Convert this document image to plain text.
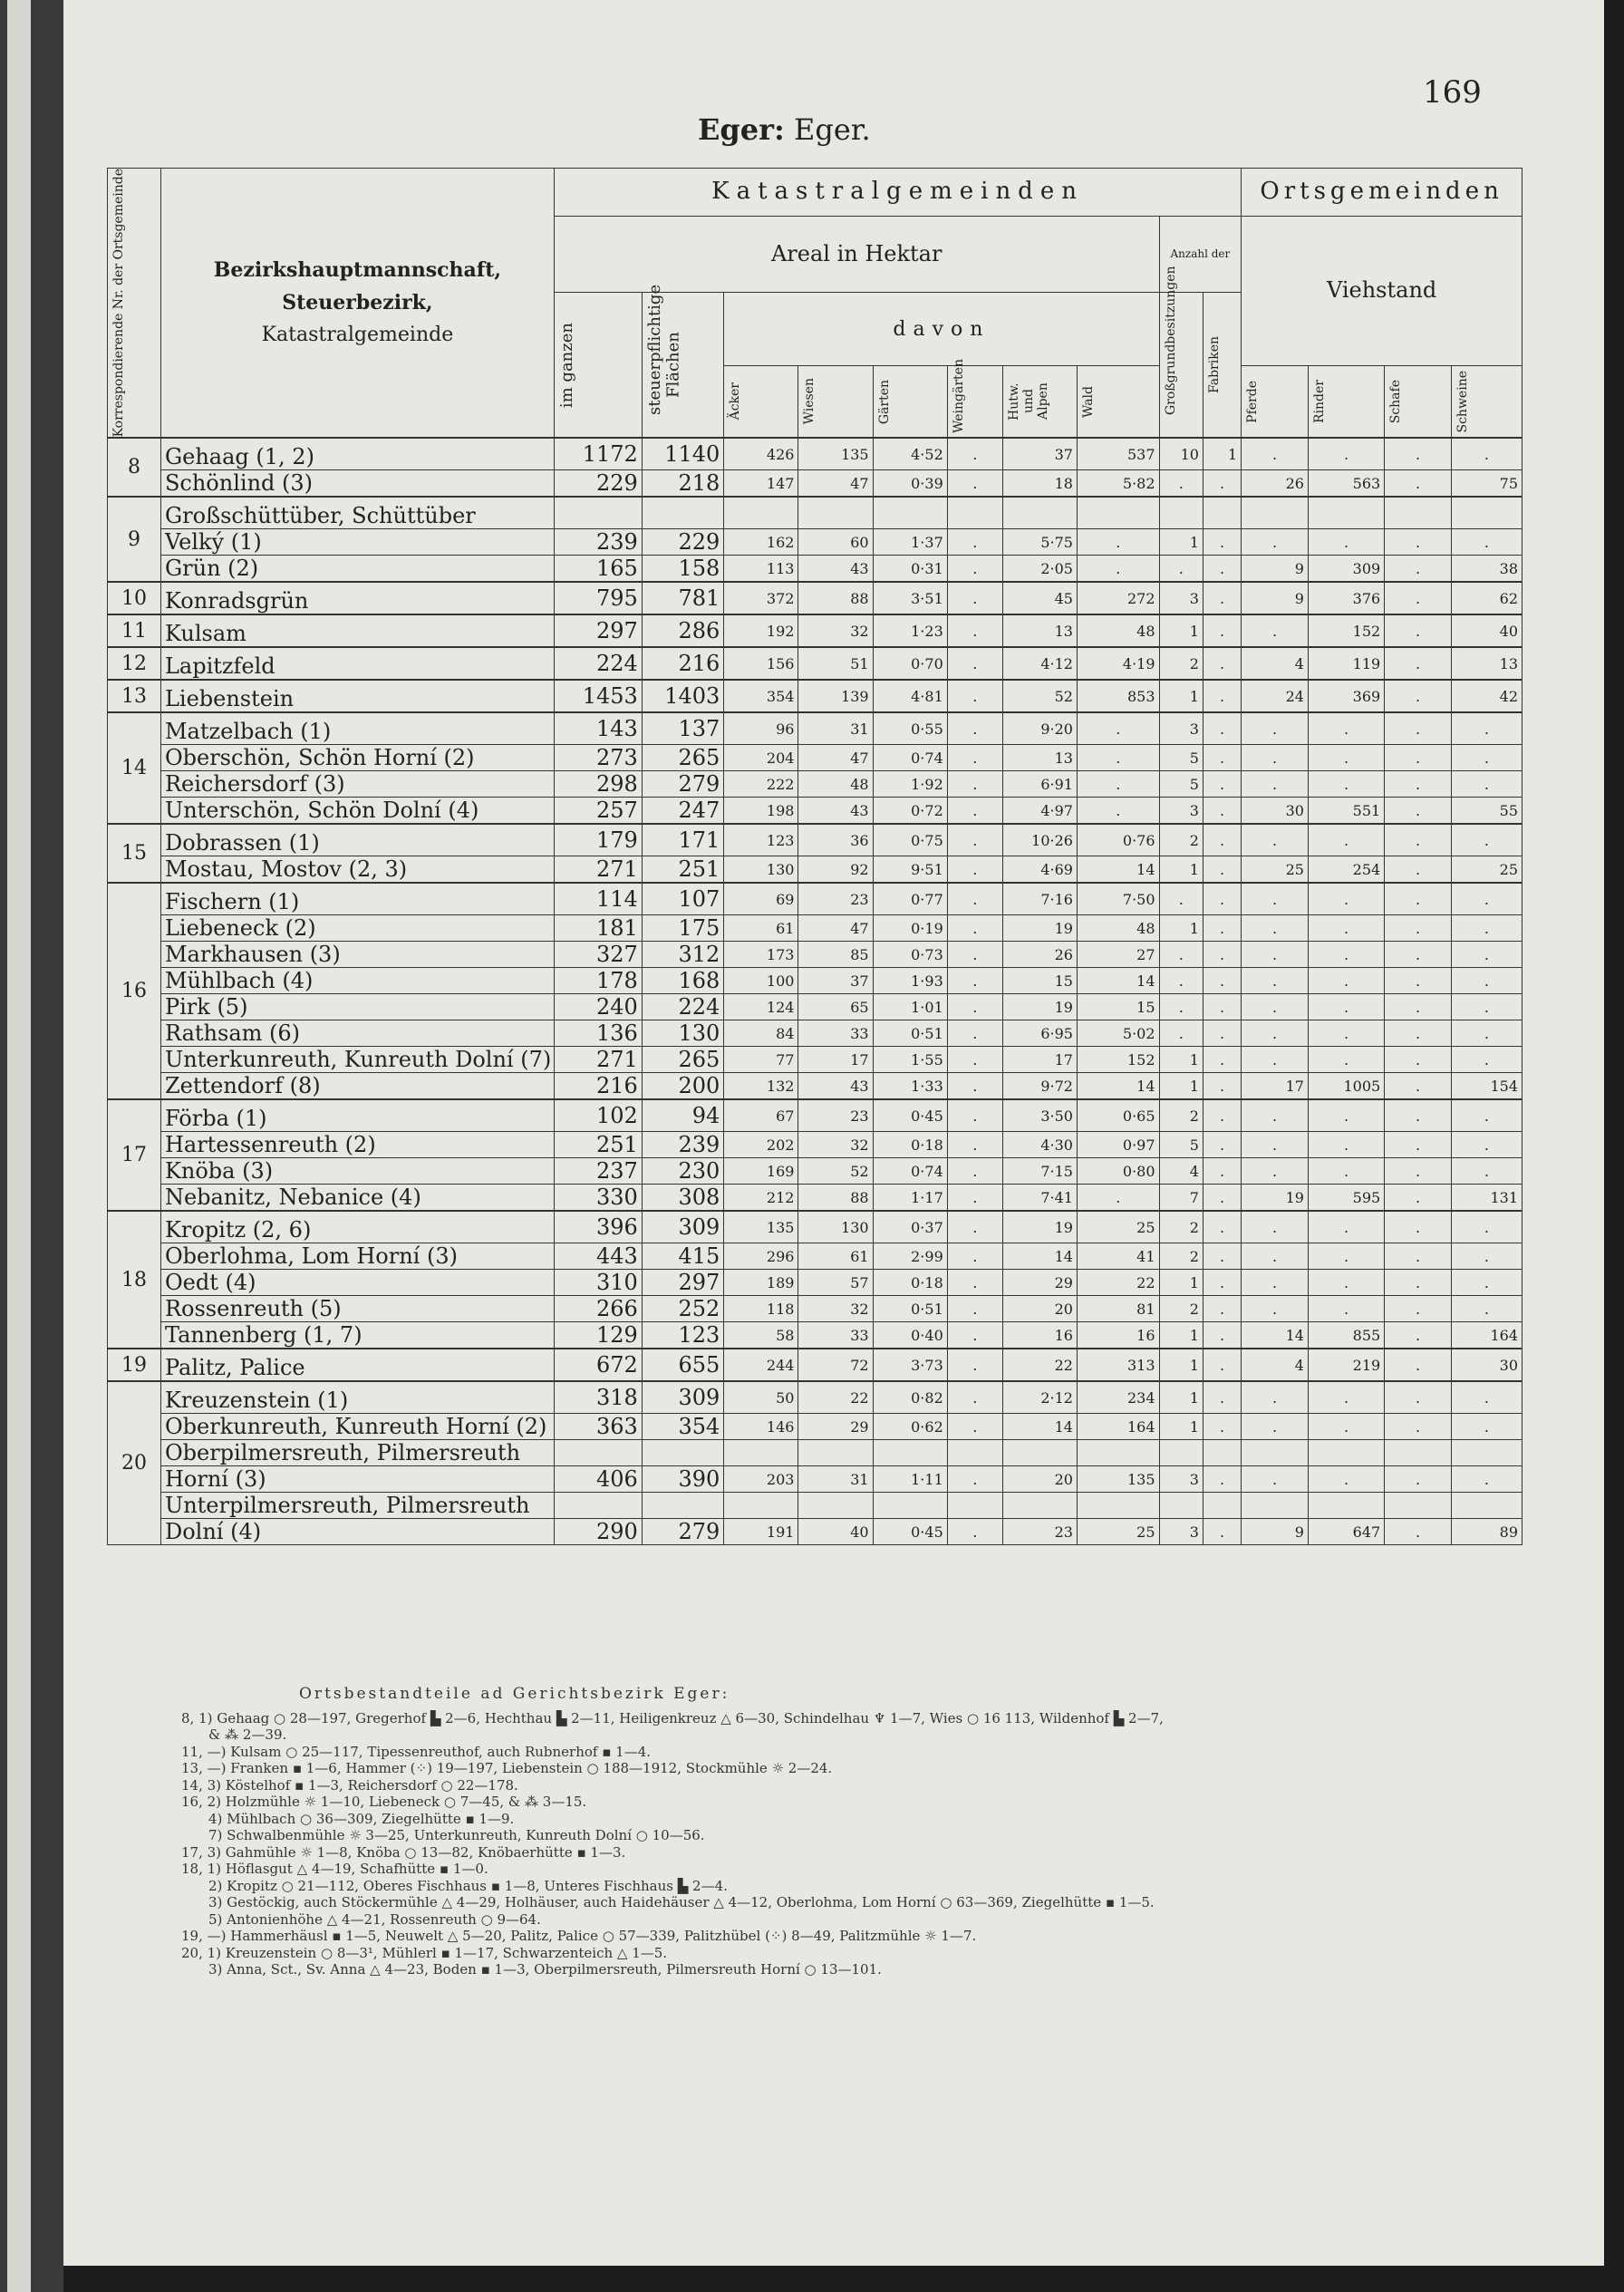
169
Eger: Eger.
Korrespondierende Nr. der Ortsgemeinde	Bezirkshauptmannschaft,
Steuerbezirk,
Katastralgemeinde	Katastralgemeinden										Ortsgemeinden			
		Areal in Hektar								Anzahl der		Viehstand			

		im ganzen	steuerpflichtige Flächen	davon						Großgrundbesitzungen	Fabriken				

				Äcker	Wiesen	Gärten	Weingärten	Hutw. und Alpen	Wald			Pferde	Rinder	Schafe	Schweine

8	Gehaag (1, 2)	1172	1140	426	135	4·52	.	37	537	10	1	.	.	.	.
	Schönlind (3)	229	218	147	47	0·39	.	18	5·82	.	.	26	563	.	75
9	Großschüttüber, Schüttüber														
	Velký (1)	239	229	162	60	1·37	.	5·75	.	1	.	.	.	.	.
	Grün (2)	165	158	113	43	0·31	.	2·05	.	.	.	9	309	.	38
10	Konradsgrün	795	781	372	88	3·51	.	45	272	3	.	9	376	.	62
11	Kulsam	297	286	192	32	1·23	.	13	48	1	.	.	152	.	40
12	Lapitzfeld	224	216	156	51	0·70	.	4·12	4·19	2	.	4	119	.	13
13	Liebenstein	1453	1403	354	139	4·81	.	52	853	1	.	24	369	.	42
14	Matzelbach (1)	143	137	96	31	0·55	.	9·20	.	3	.	.	.	.	.
	Oberschön, Schön Horní (2)	273	265	204	47	0·74	.	13	.	5	.	.	.	.	.
	Reichersdorf (3)	298	279	222	48	1·92	.	6·91	.	5	.	.	.	.	.
	Unterschön, Schön Dolní (4)	257	247	198	43	0·72	.	4·97	.	3	.	30	551	.	55
15	Dobrassen (1)	179	171	123	36	0·75	.	10·26	0·76	2	.	.	.	.	.
	Mostau, Mostov (2, 3)	271	251	130	92	9·51	.	4·69	14	1	.	25	254	.	25
16	Fischern (1)	114	107	69	23	0·77	.	7·16	7·50	.	.	.	.	.	.
	Liebeneck (2)	181	175	61	47	0·19	.	19	48	1	.	.	.	.	.
	Markhausen (3)	327	312	173	85	0·73	.	26	27	.	.	.	.	.	.
	Mühlbach (4)	178	168	100	37	1·93	.	15	14	.	.	.	.	.	.
	Pirk (5)	240	224	124	65	1·01	.	19	15	.	.	.	.	.	.
	Rathsam (6)	136	130	84	33	0·51	.	6·95	5·02	.	.	.	.	.	.
	Unterkunreuth, Kunreuth Dolní (7)	271	265	77	17	1·55	.	17	152	1	.	.	.	.	.
	Zettendorf (8)	216	200	132	43	1·33	.	9·72	14	1	.	17	1005	.	154
17	Förba (1)	102	94	67	23	0·45	.	3·50	0·65	2	.	.	.	.	.
	Hartessenreuth (2)	251	239	202	32	0·18	.	4·30	0·97	5	.	.	.	.	.
	Knöba (3)	237	230	169	52	0·74	.	7·15	0·80	4	.	.	.	.	.
	Nebanitz, Nebanice (4)	330	308	212	88	1·17	.	7·41	.	7	.	19	595	.	131
18	Kropitz (2, 6)	396	309	135	130	0·37	.	19	25	2	.	.	.	.	.
	Oberlohma, Lom Horní (3)	443	415	296	61	2·99	.	14	41	2	.	.	.	.	.
	Oedt (4)	310	297	189	57	0·18	.	29	22	1	.	.	.	.	.
	Rossenreuth (5)	266	252	118	32	0·51	.	20	81	2	.	.	.	.	.
	Tannenberg (1, 7)	129	123	58	33	0·40	.	16	16	1	.	14	855	.	164
19	Palitz, Palice	672	655	244	72	3·73	.	22	313	1	.	4	219	.	30
20	Kreuzenstein (1)	318	309	50	22	0·82	.	2·12	234	1	.	.	.	.	.
	Oberkunreuth, Kunreuth Horní (2)	363	354	146	29	0·62	.	14	164	1	.	.	.	.	.
	Oberpilmersreuth, Pilmersreuth														
	Horní (3)	406	390	203	31	1·11	.	20	135	3	.	.	.	.	.
	Unterpilmersreuth, Pilmersreuth														
	Dolní (4)	290	279	191	40	0·45	.	23	25	3	.	9	647	.	89
Ortsbestandteile ad Gerichtsbezirk Eger:
8, 1) Gehaag ○ 28—197, Gregerhof ▙ 2—6, Hechthau ▙ 2—11, Heiligenkreuz △ 6—30, Schindelhau ♆ 1—7, Wies ○ 16 113, Wildenhof ▙ 2—7,
& ⁂ 2—39.
11, —) Kulsam ○ 25—117, Tipessenreuthof, auch Rubnerhof ▪ 1—4.
13, —) Franken ▪ 1—6, Hammer (⁘) 19—197, Liebenstein ○ 188—1912, Stockmühle ☼ 2—24.
14, 3) Köstelhof ▪ 1—3, Reichersdorf ○ 22—178.
16, 2) Holzmühle ☼ 1—10, Liebeneck ○ 7—45, & ⁂ 3—15.
4) Mühlbach ○ 36—309, Ziegelhütte ▪ 1—9.
7) Schwalbenmühle ☼ 3—25, Unterkunreuth, Kunreuth Dolní ○ 10—56.
17, 3) Gahmühle ☼ 1—8, Knöba ○ 13—82, Knöbaerhütte ▪ 1—3.
18, 1) Höflasgut △ 4—19, Schafhütte ▪ 1—0.
2) Kropitz ○ 21—112, Oberes Fischhaus ▪ 1—8, Unteres Fischhaus ▙ 2—4.
3) Gestöckig, auch Stöckermühle △ 4—29, Holhäuser, auch Haidehäuser △ 4—12, Oberlohma, Lom Horní ○ 63—369, Ziegelhütte ▪ 1—5.
5) Antonienhöhe △ 4—21, Rossenreuth ○ 9—64.
19, —) Hammerhäusl ▪ 1—5, Neuwelt △ 5—20, Palitz, Palice ○ 57—339, Palitzhübel (⁘) 8—49, Palitzmühle ☼ 1—7.
20, 1) Kreuzenstein ○ 8—3¹, Mühlerl ▪ 1—17, Schwarzenteich △ 1—5.
3) Anna, Sct., Sv. Anna △ 4—23, Boden ▪ 1—3, Oberpilmersreuth, Pilmersreuth Horní ○ 13—101.
